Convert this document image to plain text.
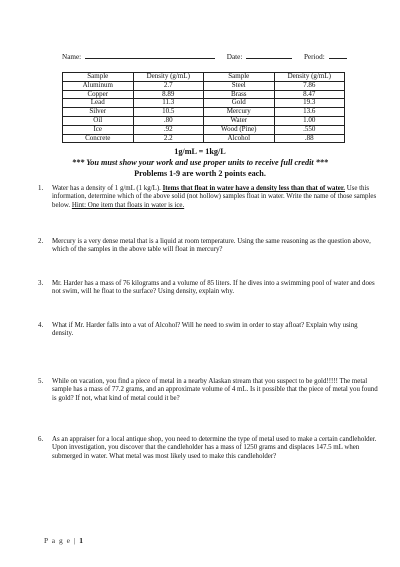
Name:	Date:	Period:
Sample	Density (g/mL)	Sample	Density (g/mL)
Aluminum	2.7	Steel	7.86
Copper	8.89	Brass	8.47
Lead	11.3	Gold	19.3
Silver	10.5	Mercury	13.6
Oil	.80	Water	1.00
Ice	.92	Wood (Pine)	.550
Concrete	2.2	Alcohol	.88
1g/mL = 1kg/L
*** You must show your work and use proper units to receive full credit ***
Problems 1-9 are worth 2 points each.
1. Water has a density of 1 g/mL (1 kg/L). Items that float in water have a density less than that of water. Use this information, determine which of the above solid (not hollow) samples float in water. Write the name of those samples below. Hint: One item that floats in water is ice.
2. Mercury is a very dense metal that is a liquid at room temperature. Using the same reasoning as the question above, which of the samples in the above table will float in mercury?
3. Mr. Harder has a mass of 76 kilograms and a volume of 85 liters. If he dives into a swimming pool of water and does not swim, will he float to the surface? Using density, explain why.
4. What if Mr. Harder falls into a vat of Alcohol? Will he need to swim in order to stay afloat? Explain why using density.
5. While on vacation, you find a piece of metal in a nearby Alaskan stream that you suspect to be gold!!!!! The metal sample has a mass of 77.2 grams, and an approximate volume of 4 mL. Is it possible that the piece of metal you found is gold? If not, what kind of metal could it be?
6. As an appraiser for a local antique shop, you need to determine the type of metal used to make a certain candleholder. Upon investigation, you discover that the candleholder has a mass of 1250 grams and displaces 147.5 mL when submerged in water. What metal was most likely used to make this candleholder?
P a g e | 1
